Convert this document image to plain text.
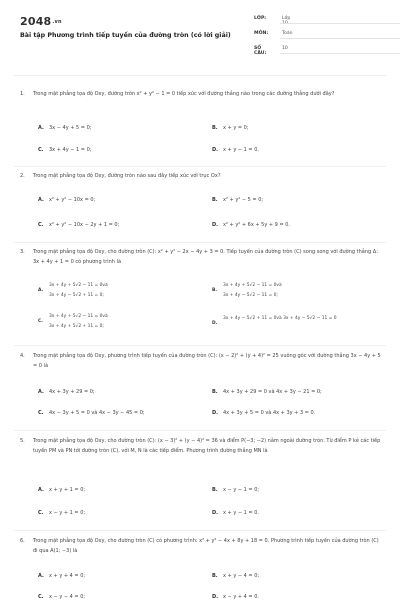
2048.vn
Bài tập Phương trình tiếp tuyến của đường tròn (có lời giải)
LỚP:	Lớp 10
MÔN:	Toán
SỐ CÂU:
10
1.	Trong mặt phẳng tọa độ Oxy, đường tròn x² + y² − 1 = 0 tiếp xúc với đường thẳng nào trong các đường thẳng dưới đây?
A. 3x − 4y + 5 = 0;	B. x + y = 0;
C. 3x + 4y − 1 = 0;	D. x + y − 1 = 0.
2.	Trong mặt phẳng tọa độ Oxy, đường tròn nào sau đây tiếp xúc với trục Ox?
A. x² + y² − 10x = 0;	B. x² + y² − 5 = 0;
C. x² + y² − 10x − 2y + 1 = 0;	D. x² + y² + 6x + 5y + 9 = 0.
3.	Trong mặt phẳng tọa độ Oxy, cho đường tròn (C): x² + y² − 2x − 4y + 3 = 0. Tiếp tuyến của đường tròn (C) song song với đường thẳng Δ: 3x + 4y + 1 = 0 có phương trình là
A.
3x + 4y + 5√2 − 11 = 0và
3x + 4y − 5√2 + 11 = 0;
B.
3x + 4y + 5√2 − 11 = 0và
3x + 4y − 5√2 − 11 = 0;
C.
3x + 4y + 5√2 − 11 = 0và
3x + 4y + 5√2 + 11 = 0;
D.
3x + 4y − 5√2 + 11 = 0và 3x + 4y − 5√2 − 11 = 0
4.	Trong mặt phẳng tọa độ Oxy, phương trình tiếp tuyến của đường tròn (C): (x − 2)² + (y + 4)² = 25 vuông góc với đường thẳng 3x − 4y + 5 = 0 là
A. 4x + 3y + 29 = 0;	B. 4x + 3y + 29 = 0 và 4x + 3y − 21 = 0;
C. 4x − 3y + 5 = 0 và 4x − 3y − 45 = 0;	D. 4x + 3y + 5 = 0 và 4x + 3y + 3 = 0.
5.	Trong mặt phẳng tọa độ Oxy, cho đường tròn (C): (x − 3)² + (y − 4)² = 36 và điểm P(−3; −2) nằm ngoài đường tròn. Từ điểm P kẻ các tiếp tuyến PM và PN tới đường tròn (C), với M, N là các tiếp điểm. Phương trình đường thẳng MN là
A. x + y + 1 = 0;	B. x − y − 1 = 0;
C. x − y + 1 = 0;	D. x + y − 1 = 0.
6.	Trong mặt phẳng tọa độ Oxy, cho đường tròn (C) có phương trình: x² + y² − 4x + 8y + 18 = 0. Phương trình tiếp tuyến của đường tròn (C) đi qua A(1; −3) là
A. x + y + 4 = 0;	B. x + y − 4 = 0;
C. x − y − 4 = 0;	D. x − y + 4 = 0.
